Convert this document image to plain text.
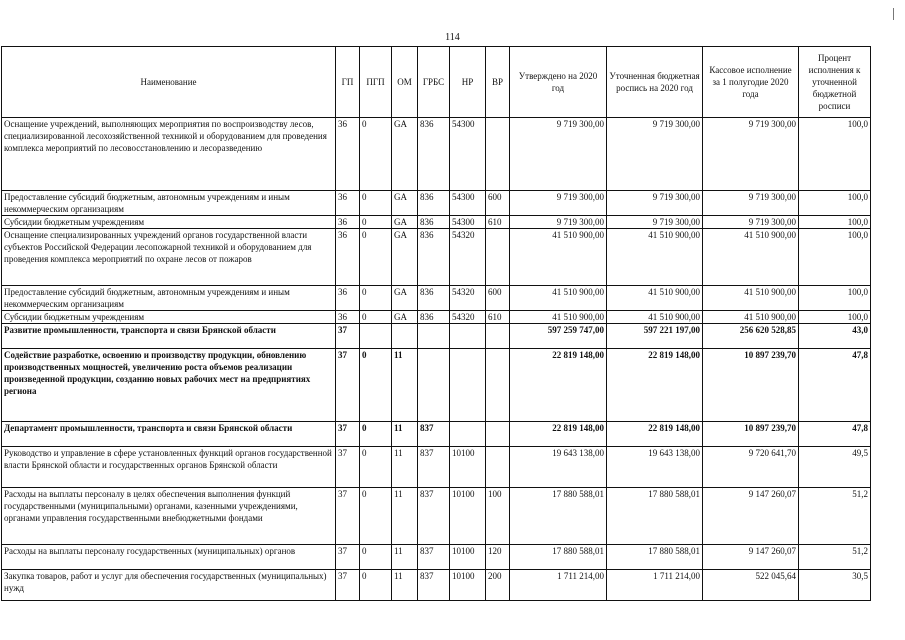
114
Наименование	ГП	ПГП	ОМ	ГРБС	НР	ВР	Утверждено на 2020 год	Уточненная бюджетная роспись на 2020 год	Кассовое исполнение за 1 полугодие 2020 года	Процент исполнения к уточненной бюджетной росписи
Оснащение учреждений, выполняющих мероприятия по воспроизводству лесов, специализированной лесохозяйственной техникой и оборудованием для проведения комплекса мероприятий по лесовосстановлению и лесоразведению	36	0	GA	836	54300		9 719 300,00	9 719 300,00	9 719 300,00	100,0
Предоставление субсидий бюджетным, автономным учреждениям и иным некоммерческим организациям	36	0	GA	836	54300	600	9 719 300,00	9 719 300,00	9 719 300,00	100,0
Субсидии бюджетным учреждениям	36	0	GA	836	54300	610	9 719 300,00	9 719 300,00	9 719 300,00	100,0
Оснащение специализированных учреждений органов государственной власти субъектов Российской Федерации лесопожарной техникой и оборудованием для проведения комплекса мероприятий по охране лесов от пожаров	36	0	GA	836	54320		41 510 900,00	41 510 900,00	41 510 900,00	100,0
Предоставление субсидий бюджетным, автономным учреждениям и иным некоммерческим организациям	36	0	GA	836	54320	600	41 510 900,00	41 510 900,00	41 510 900,00	100,0
Субсидии бюджетным учреждениям	36	0	GA	836	54320	610	41 510 900,00	41 510 900,00	41 510 900,00	100,0
Развитие промышленности, транспорта и связи Брянской области	37						597 259 747,00	597 221 197,00	256 620 528,85	43,0
Содействие разработке, освоению и производству продукции, обновлению производственных мощностей, увеличению роста объемов реализации произведенной продукции, созданию новых рабочих мест на предприятиях региона	37	0	11				22 819 148,00	22 819 148,00	10 897 239,70	47,8
Департамент промышленности, транспорта и связи Брянской области	37	0	11	837			22 819 148,00	22 819 148,00	10 897 239,70	47,8
Руководство и управление в сфере установленных функций органов государственной власти Брянской области и государственных органов Брянской области	37	0	11	837	10100		19 643 138,00	19 643 138,00	9 720 641,70	49,5
Расходы на выплаты персоналу в целях обеспечения выполнения функций государственными (муниципальными) органами, казенными учреждениями, органами управления государственными внебюджетными фондами	37	0	11	837	10100	100	17 880 588,01	17 880 588,01	9 147 260,07	51,2
Расходы на выплаты персоналу государственных (муниципальных) органов	37	0	11	837	10100	120	17 880 588,01	17 880 588,01	9 147 260,07	51,2
Закупка товаров, работ и услуг для обеспечения государственных (муниципальных) нужд	37	0	11	837	10100	200	1 711 214,00	1 711 214,00	522 045,64	30,5
